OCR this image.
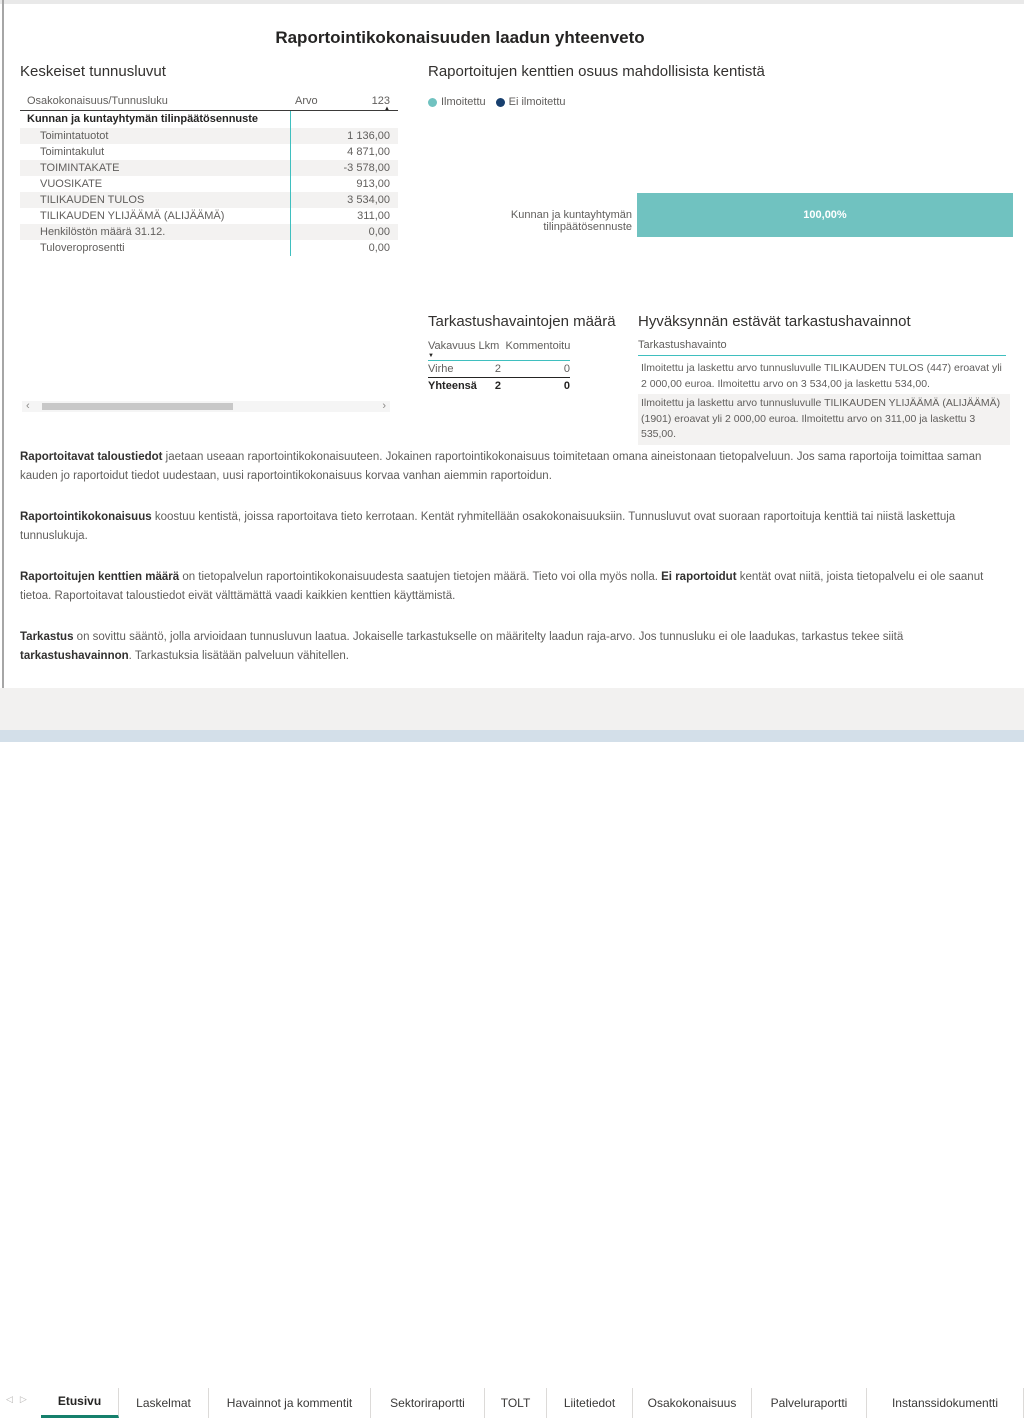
Raportointikokonaisuuden laadun yhteenveto
Keskeiset tunnusluvut
Osakokonaisuus/Tunnusluku	Arvo	123
▲
Kunnan ja kuntayhtymän tilinpäätösennuste
Toimintatuotot	1 136,00
Toimintakulut	4 871,00
TOIMINTAKATE	-3 578,00
VUOSIKATE	913,00
TILIKAUDEN TULOS	3 534,00
TILIKAUDEN YLIJÄÄMÄ (ALIJÄÄMÄ)	311,00
Henkilöstön määrä 31.12.	0,00
Tuloveroprosentti	0,00
‹	›
Raportoitujen kenttien osuus mahdollisista kentistä
Ilmoitettu Ei ilmoitettu
Kunnan ja kuntayhtymän tilinpäätösennuste
100,00%
Tarkastushavaintojen määrä
Vakavuus
▼
Lkm Kommentoitu
Virhe	2	0
Yhteensä	2	0
Hyväksynnän estävät tarkastushavainnot
Tarkastushavainto
Ilmoitettu ja laskettu arvo tunnusluvulle TILIKAUDEN TULOS (447) eroavat yli 2 000,00 euroa. Ilmoitettu arvo on 3 534,00 ja laskettu 534,00.
Ilmoitettu ja laskettu arvo tunnusluvulle TILIKAUDEN YLIJÄÄMÄ (ALIJÄÄMÄ) (1901) eroavat yli 2 000,00 euroa. Ilmoitettu arvo on 311,00 ja laskettu 3 535,00.

Raportoitavat taloustiedot jaetaan useaan raportointikokonaisuuteen. Jokainen raportointikokonaisuus toimitetaan omana aineistonaan tietopalveluun. Jos sama raportoija toimittaa saman kauden jo raportoidut tiedot uudestaan, uusi raportointikokonaisuus korvaa vanhan aiemmin raportoidun.

Raportointikokonaisuus koostuu kentistä, joissa raportoitava tieto kerrotaan. Kentät ryhmitellään osakokonaisuuksiin. Tunnusluvut ovat suoraan raportoituja kenttiä tai niistä laskettuja tunnuslukuja.

Raportoitujen kenttien määrä on tietopalvelun raportointikokonaisuudesta saatujen tietojen määrä. Tieto voi olla myös nolla. Ei raportoidut kentät ovat niitä, joista tietopalvelu ei ole saanut tietoa. Raportoitavat taloustiedot eivät välttämättä vaadi kaikkien kenttien käyttämistä.

Tarkastus on sovittu sääntö, jolla arvioidaan tunnusluvun laatua. Jokaiselle tarkastukselle on määritelty laadun raja-arvo. Jos tunnusluku ei ole laadukas, tarkastus tekee siitä tarkastushavainnon. Tarkastuksia lisätään palveluun vähitellen.

◁ ▷	Etusivu	Laskelmat	Havainnot ja kommentit	Sektoriraportti	TOLT	Liitetiedot	Osakokonaisuus	Palveluraportti	Instanssidokumentti
